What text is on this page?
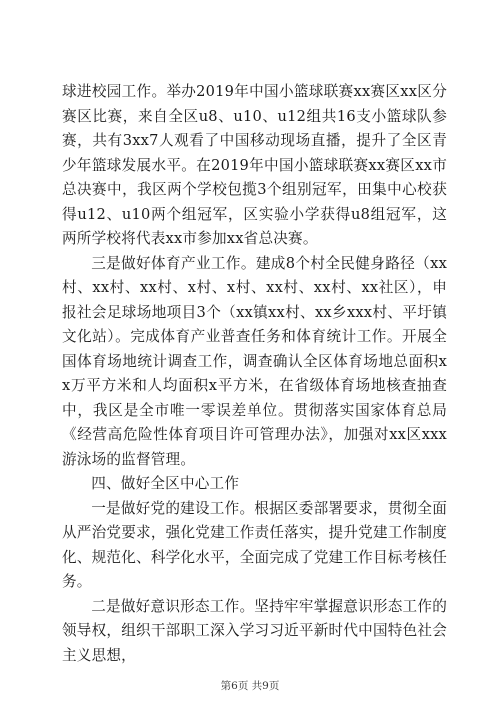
球进校园工作。举办2019年中国小篮球联赛xx赛区xx区分赛区比赛，来自全区u8、u10、u12组共16支小篮球队参赛，共有3xx7人观看了中国移动现场直播，提升了全区青少年篮球发展水平。在2019年中国小篮球联赛xx赛区xx市总决赛中，我区两个学校包揽3个组别冠军，田集中心校获得u12、u10两个组冠军，区实验小学获得u8组冠军，这两所学校将代表xx市参加xx省总决赛。

三是做好体育产业工作。建成8个村全民健身路径（xx村、xx村、xx村、x村、x村、xx村、xx村、xx社区），申报社会足球场地项目3个（xx镇xx村、xx乡xxx村、平圩镇文化站）。完成体育产业普查任务和体育统计工作。开展全国体育场地统计调查工作，调查确认全区体育场地总面积xx万平方米和人均面积x平方米，在省级体育场地核查抽查中，我区是全市唯一零误差单位。贯彻落实国家体育总局《经营高危险性体育项目许可管理办法》，加强对xx区xxx游泳场的监督管理。

四、做好全区中心工作

一是做好党的建设工作。根据区委部署要求，贯彻全面从严治党要求，强化党建工作责任落实，提升党建工作制度化、规范化、科学化水平，全面完成了党建工作目标考核任务。

二是做好意识形态工作。坚持牢牢掌握意识形态工作的领导权，组织干部职工深入学习习近平新时代中国特色社会主义思想，

第6页 共9页
